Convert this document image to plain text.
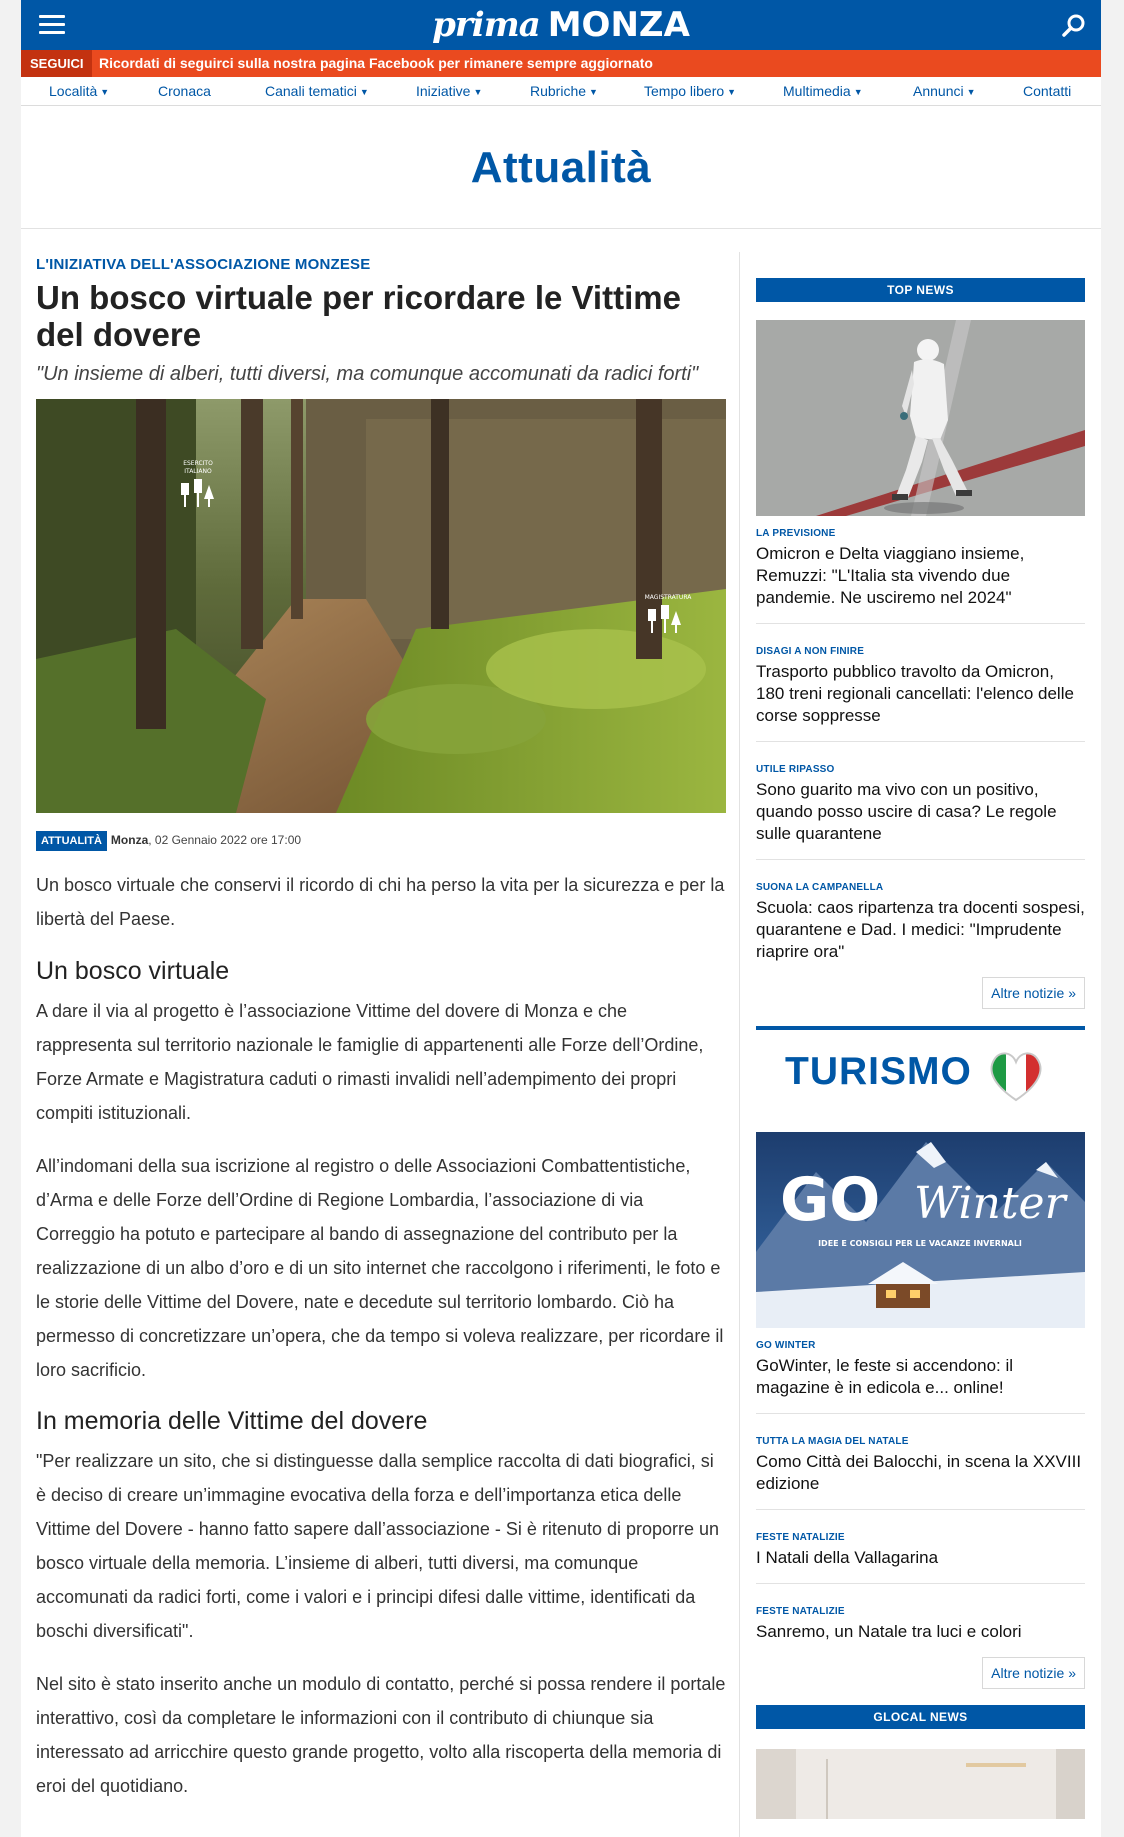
prima MONZA
SEGUICI	Ricordati di seguirci sulla nostra pagina Facebook per rimanere sempre aggiornato
Località ▼	Cronaca	Canali tematici ▼	Iniziative ▼	Rubriche ▼	Tempo libero ▼	Multimedia ▼	Annunci ▼	Contatti
Attualità
L'INIZIATIVA DELL'ASSOCIAZIONE MONZESE
Un bosco virtuale per ricordare le Vittime del dovere
"Un insieme di alberi, tutti diversi, ma comunque accomunati da radici forti"
ESERCITO
ITALIANO
MAGISTRATURA
ATTUALITÀ Monza, 02 Gennaio 2022 ore 17:00

Un bosco virtuale che conservi il ricordo di chi ha perso la vita per la sicurezza e per la libertà del Paese.

Un bosco virtuale

A dare il via al progetto è l’associazione Vittime del dovere di Monza e che rappresenta sul territorio nazionale le famiglie di appartenenti alle Forze dell’Ordine, Forze Armate e Magistratura caduti o rimasti invalidi nell’adempimento dei propri compiti istituzionali.

All’indomani della sua iscrizione al registro o delle Associazioni Combattentistiche, d’Arma e delle Forze dell’Ordine di Regione Lombardia, l’associazione di via Correggio ha potuto e partecipare al bando di assegnazione del contributo per la realizzazione di un albo d’oro e di un sito internet che raccolgono i riferimenti, le foto e le storie delle Vittime del Dovere, nate e decedute sul territorio lombardo. Ciò ha permesso di concretizzare un’opera, che da tempo si voleva realizzare, per ricordare il loro sacrificio.

In memoria delle Vittime del dovere

"Per realizzare un sito, che si distinguesse dalla semplice raccolta di dati biografici, si è deciso di creare un’immagine evocativa della forza e dell’importanza etica delle Vittime del Dovere - hanno fatto sapere dall’associazione - Si è ritenuto di proporre un bosco virtuale della memoria. L’insieme di alberi, tutti diversi, ma comunque accomunati da radici forti, come i valori e i principi difesi dalle vittime, identificati da boschi diversificati".

Nel sito è stato inserito anche un modulo di contatto, perché si possa rendere il portale interattivo, così da completare le informazioni con il contributo di chiunque sia interessato ad arricchire questo grande progetto, volto alla riscoperta della memoria di eroi del quotidiano.

TOP NEWS
LA PREVISIONE
Omicron e Delta viaggiano insieme, Remuzzi: "L'Italia sta vivendo due pandemie. Ne usciremo nel 2024"
DISAGI A NON FINIRE
Trasporto pubblico travolto da Omicron, 180 treni regionali cancellati: l'elenco delle corse soppresse
UTILE RIPASSO
Sono guarito ma vivo con un positivo, quando posso uscire di casa? Le regole sulle quarantene
SUONA LA CAMPANELLA
Scuola: caos ripartenza tra docenti sospesi, quarantene e Dad. I medici: "Imprudente riaprire ora"
Altre notizie »
TURISMO
GO Winter
IDEE E CONSIGLI PER LE VACANZE INVERNALI
GO WINTER
GoWinter, le feste si accendono: il magazine è in edicola e... online!
TUTTA LA MAGIA DEL NATALE
Como Città dei Balocchi, in scena la XXVIII edizione
FESTE NATALIZIE
I Natali della Vallagarina
FESTE NATALIZIE
Sanremo, un Natale tra luci e colori
Altre notizie »
GLOCAL NEWS
